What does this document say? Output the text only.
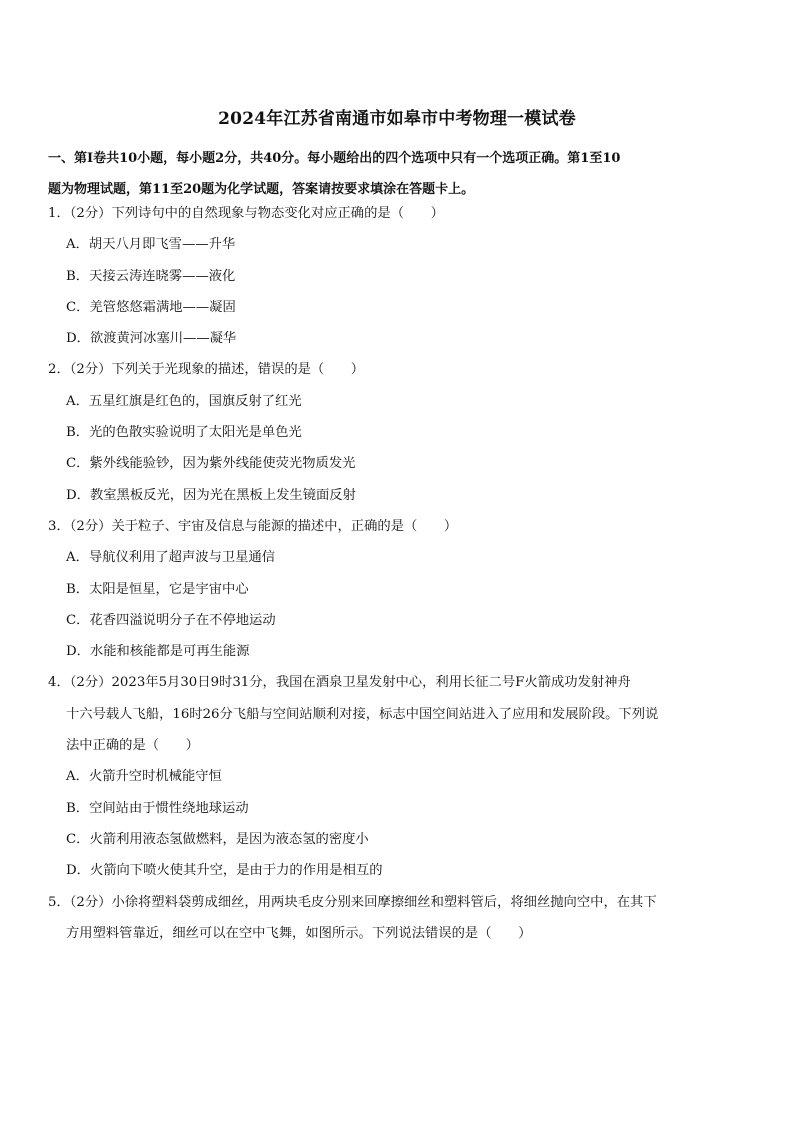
2024年江苏省南通市如皋市中考物理一模试卷
一、第Ⅰ卷共10小题，每小题2分，共40分。每小题给出的四个选项中只有一个选项正确。第1至10
题为物理试题，第11至20题为化学试题，答案请按要求填涂在答题卡上。
1．（2分）下列诗句中的自然现象与物态变化对应正确的是（　　）
A．胡天八月即飞雪——升华
B．天接云涛连晓雾——液化
C．羌管悠悠霜满地——凝固
D．欲渡黄河冰塞川——凝华
2．（2分）下列关于光现象的描述，错误的是（　　）
A．五星红旗是红色的，国旗反射了红光
B．光的色散实验说明了太阳光是单色光
C．紫外线能验钞，因为紫外线能使荧光物质发光
D．教室黑板反光，因为光在黑板上发生镜面反射
3．（2分）关于粒子、宇宙及信息与能源的描述中，正确的是（　　）
A．导航仪利用了超声波与卫星通信
B．太阳是恒星，它是宇宙中心
C．花香四溢说明分子在不停地运动
D．水能和核能都是可再生能源
4．（2分）2023年5月30日9时31分，我国在酒泉卫星发射中心，利用长征二号F火箭成功发射神舟
十六号载人飞船，16时26分飞船与空间站顺利对接，标志中国空间站进入了应用和发展阶段。下列说
法中正确的是（　　）
A．火箭升空时机械能守恒
B．空间站由于惯性绕地球运动
C．火箭利用液态氢做燃料，是因为液态氢的密度小
D．火箭向下喷火使其升空，是由于力的作用是相互的
5．（2分）小徐将塑料袋剪成细丝，用两块毛皮分别来回摩擦细丝和塑料管后，将细丝抛向空中，在其下
方用塑料管靠近，细丝可以在空中飞舞，如图所示。下列说法错误的是（　　）
